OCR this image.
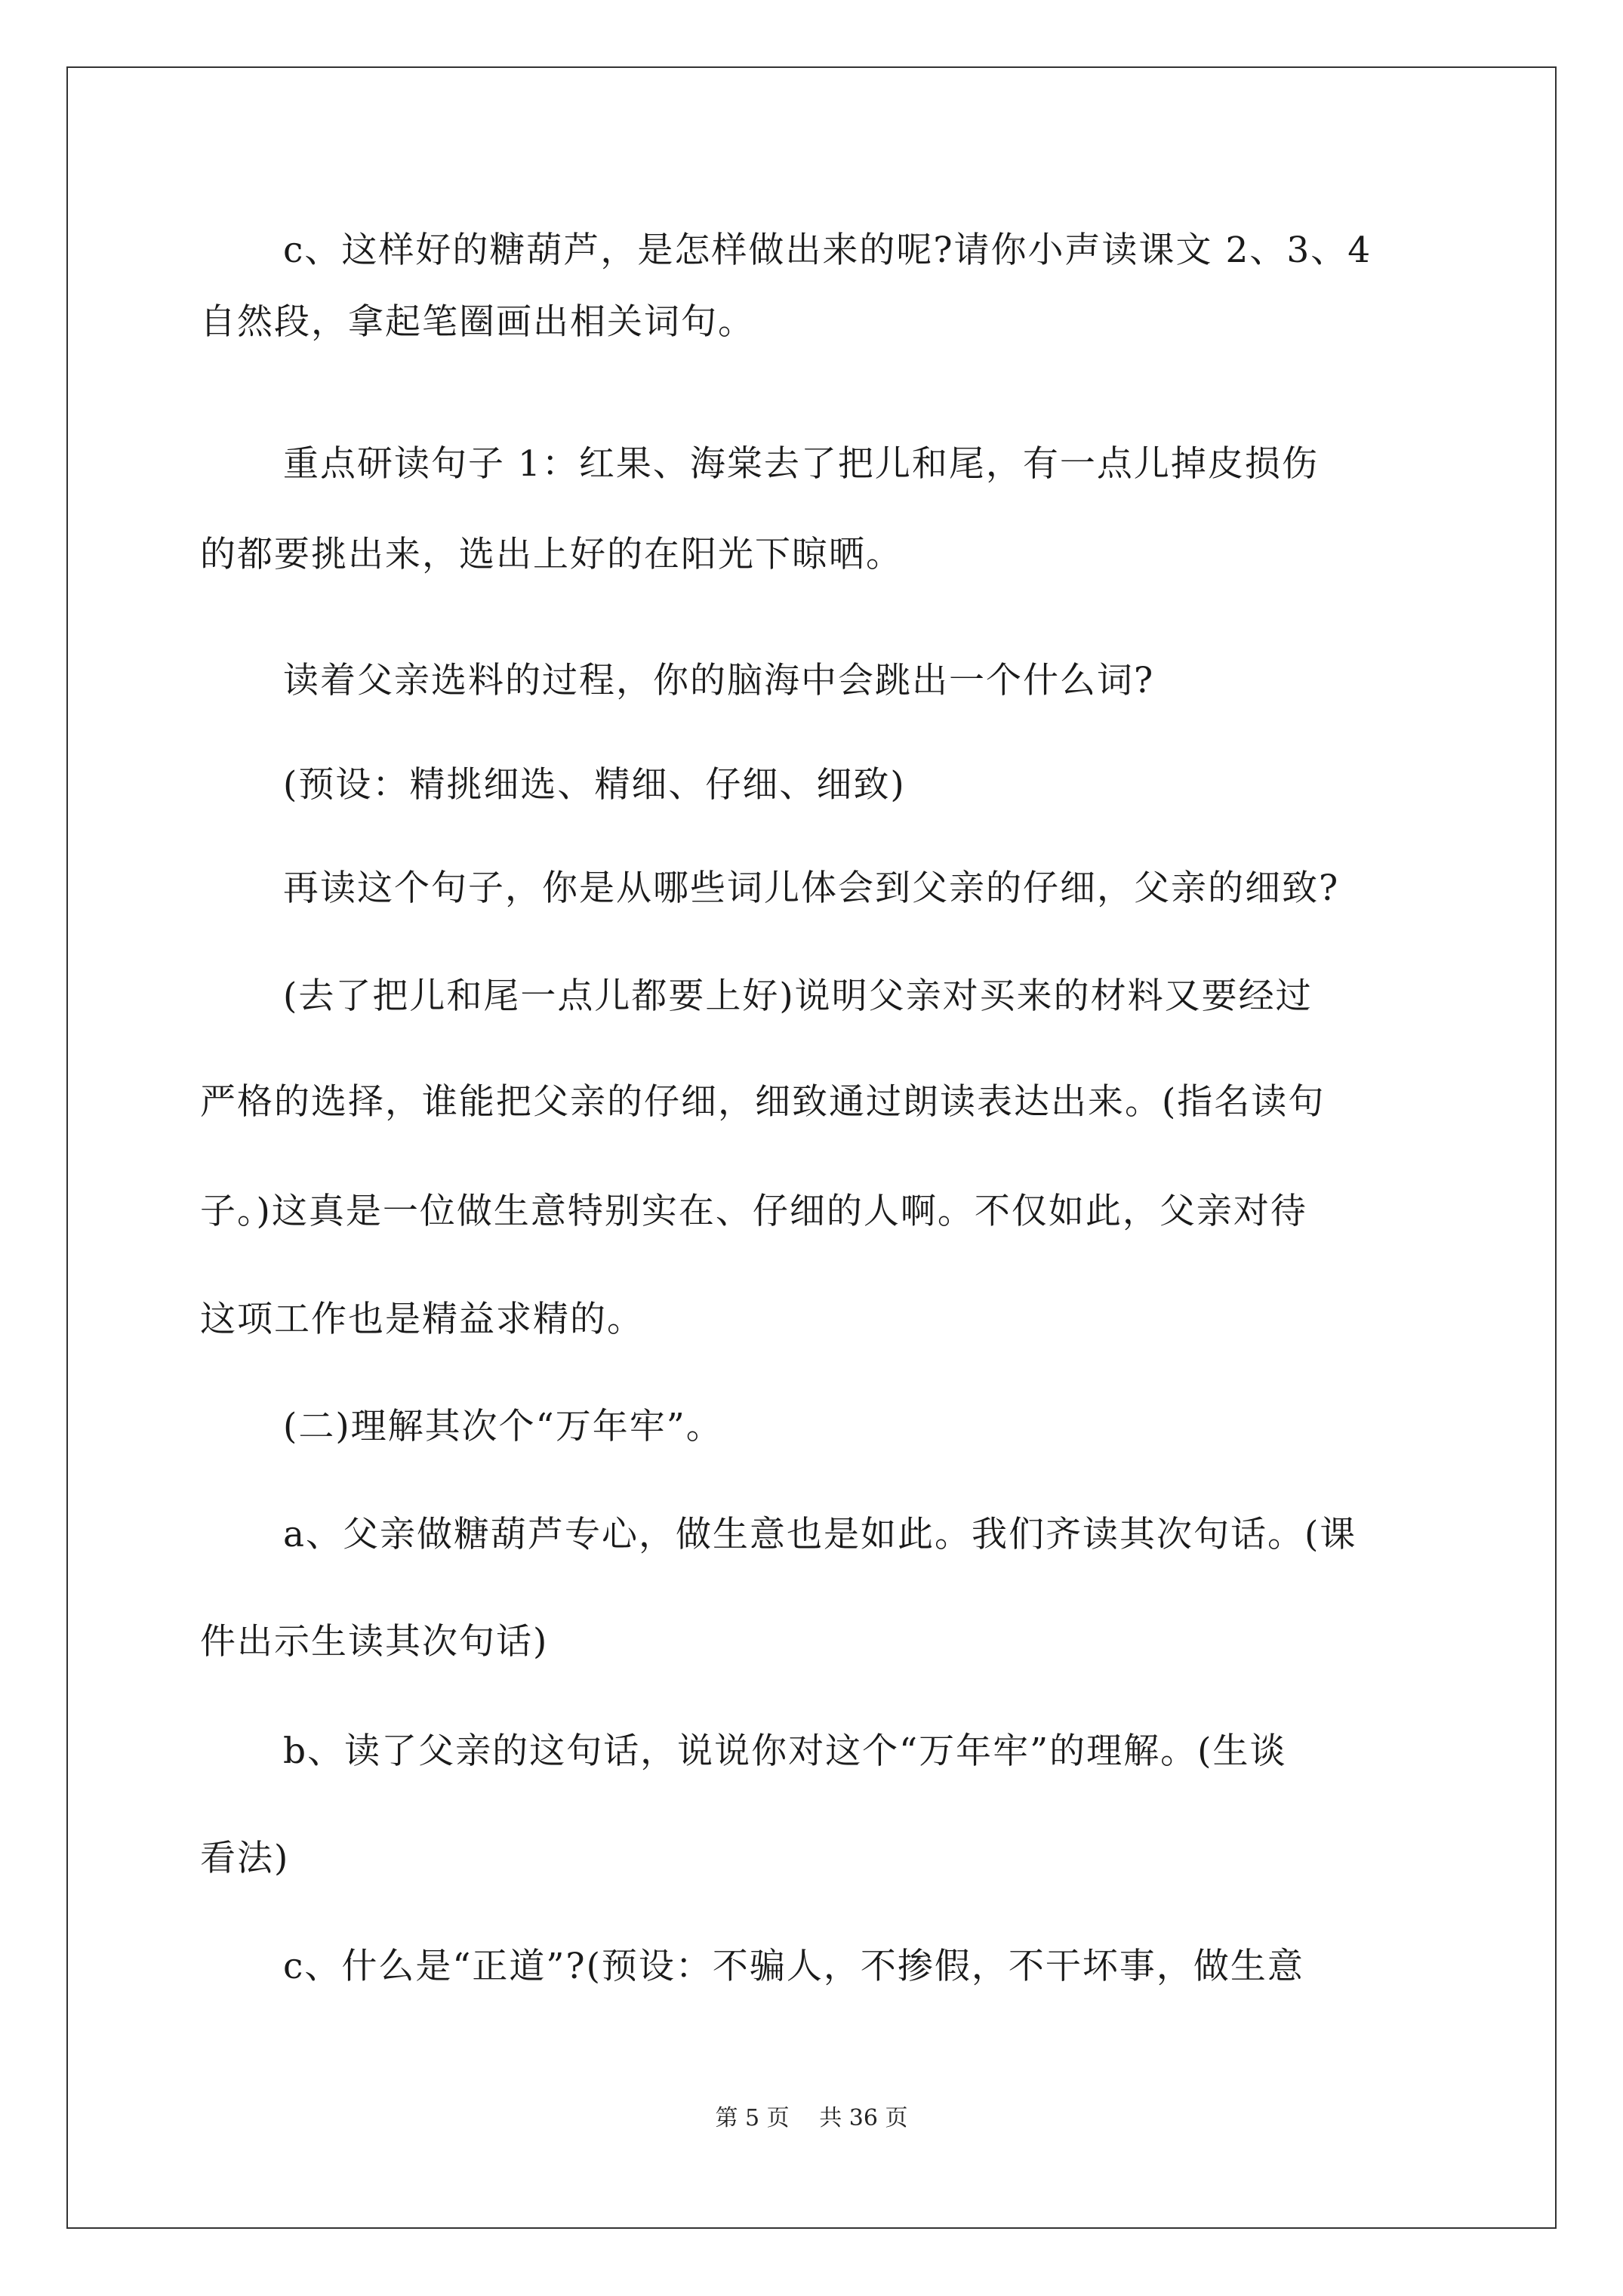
c、这样好的糖葫芦，是怎样做出来的呢?请你小声读课文 2、3、4
自然段，拿起笔圈画出相关词句。
重点研读句子 1：红果、海棠去了把儿和尾，有一点儿掉皮损伤
的都要挑出来，选出上好的在阳光下晾晒。
读着父亲选料的过程，你的脑海中会跳出一个什么词?
(预设：精挑细选、精细、仔细、细致)
再读这个句子，你是从哪些词儿体会到父亲的仔细，父亲的细致?
(去了把儿和尾一点儿都要上好)说明父亲对买来的材料又要经过
严格的选择，谁能把父亲的仔细，细致通过朗读表达出来。(指名读句
子。)这真是一位做生意特别实在、仔细的人啊。不仅如此，父亲对待
这项工作也是精益求精的。
(二)理解其次个“万年牢”。
a、父亲做糖葫芦专心，做生意也是如此。我们齐读其次句话。(课
件出示生读其次句话)
b、读了父亲的这句话，说说你对这个“万年牢”的理解。(生谈
看法)
c、什么是“正道”?(预设：不骗人，不掺假，不干坏事，做生意
第 5 页 共 36 页
